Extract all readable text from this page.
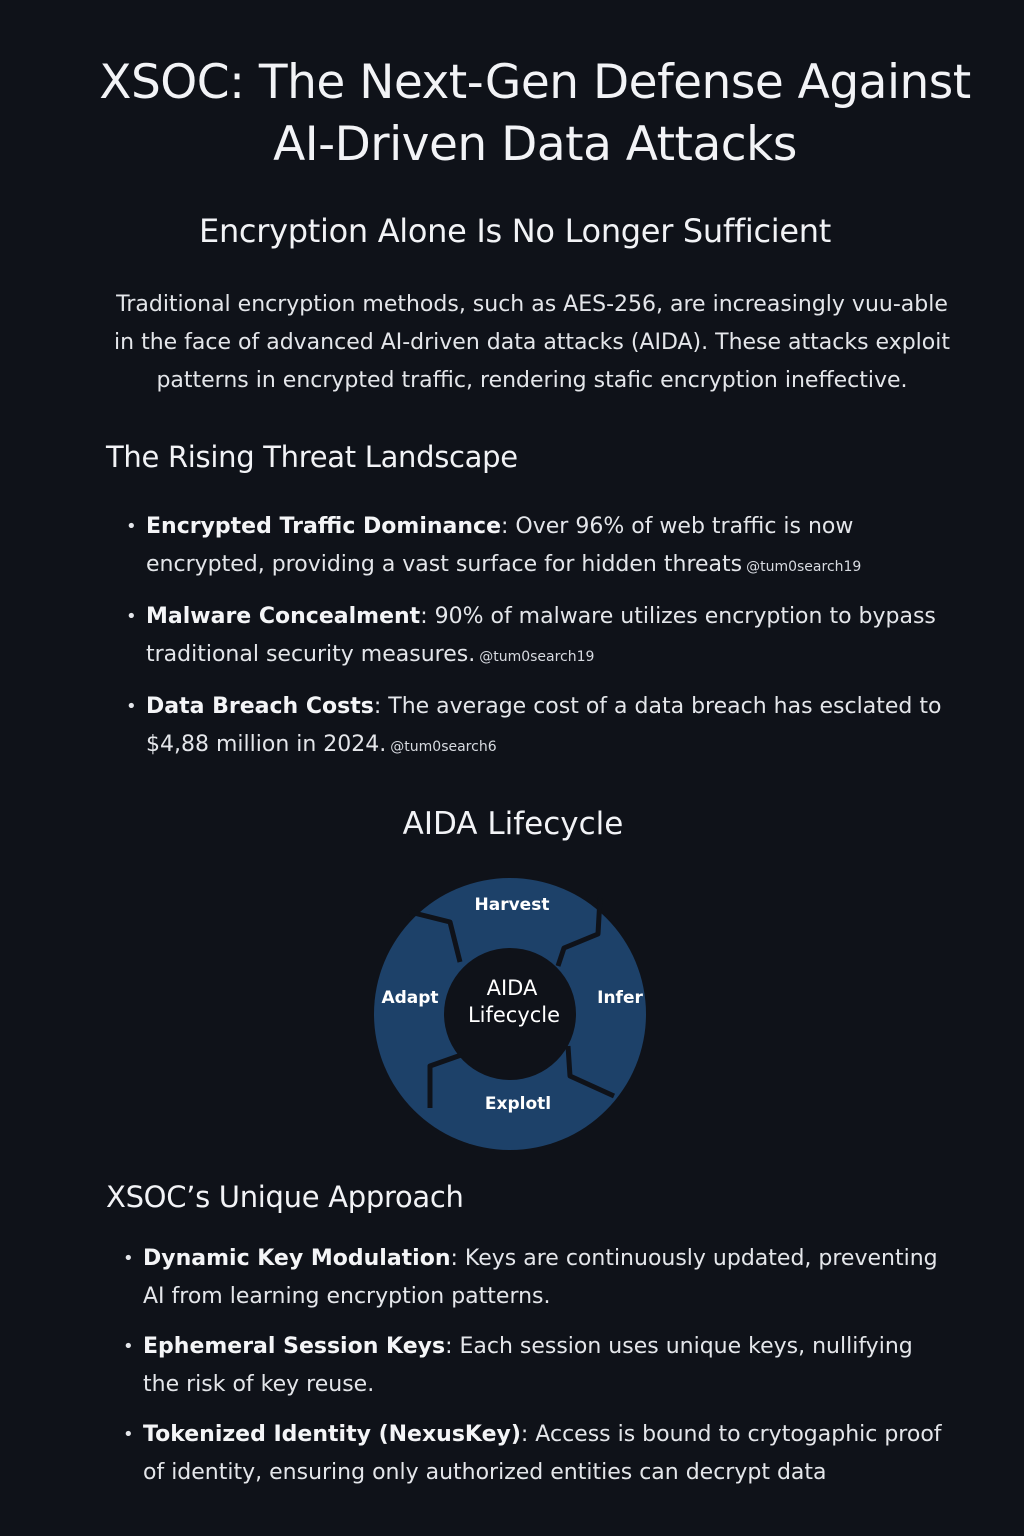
XSOC: The Next-Gen Defense Against
AI-Driven Data Attacks
Encryption Alone Is No Longer Sufficient

Traditional encryption methods, such as AES-256, are increasingly vuu-able
in the face of advanced AI-driven data attacks (AIDA). These attacks exploit
patterns in encrypted traffic, rendering stafic encryption ineffective.

The Rising Threat Landscape
• Encrypted Traffic Dominance: Over 96% of web traffic is now encrypted, providing a vast surface for hidden threats @tum0search19
• Malware Concealment: 90% of malware utilizes encryption to bypass traditional security measures. @tum0search19
• Data Breach Costs: The average cost of a data breach has esclated to $4,88 million in 2024. @tum0search6
AIDA Lifecycle
Harvest
Infer
Explotl
Adapt AIDA
Lifecycle
XSOC’s Unique Approach
• Dynamic Key Modulation: Keys are continuously updated, preventing AI from learning encryption patterns.
• Ephemeral Session Keys: Each session uses unique keys, nullifying the risk of key reuse.
• Tokenized Identity (NexusKey): Access is bound to crytogaphic proof of identity, ensuring only authorized entities can decrypt data
